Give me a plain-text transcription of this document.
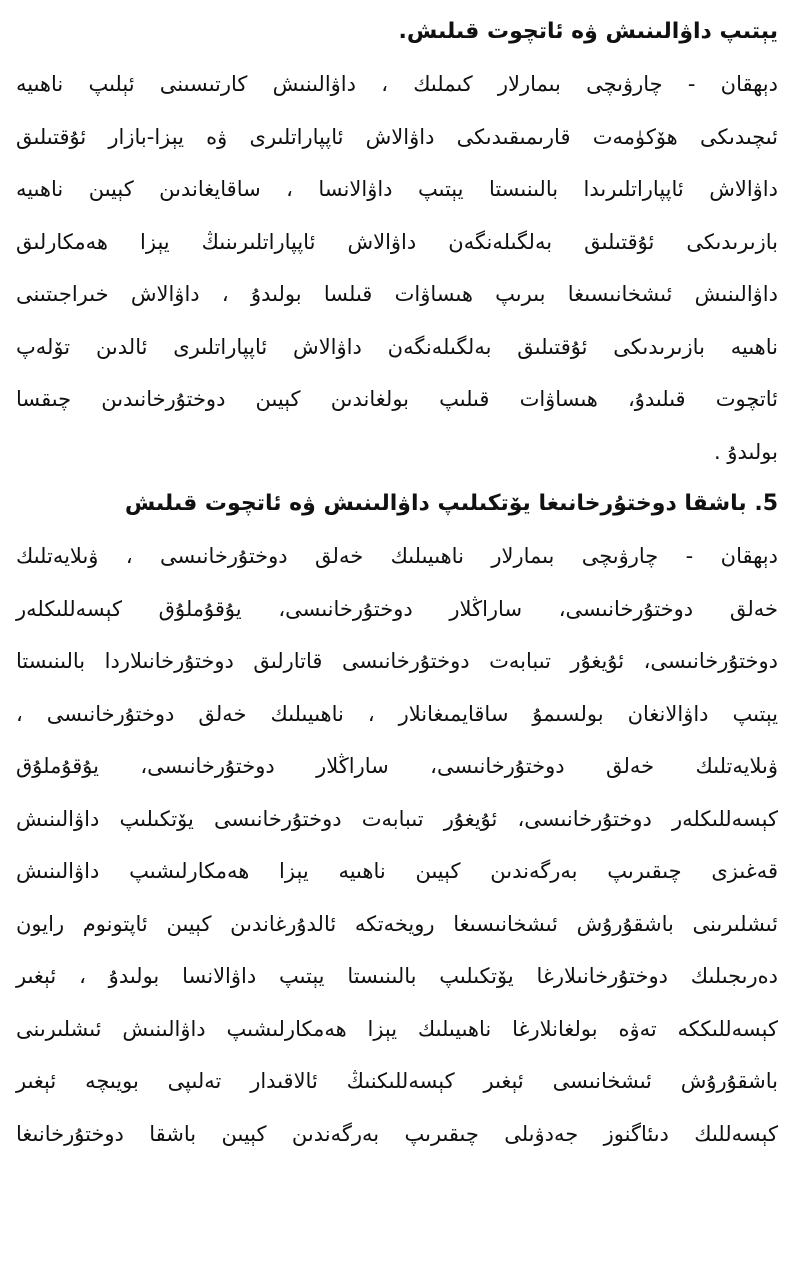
يېتىپ داۋالىنىش ۋە ئاتچوت قىلىش.

دېھقان - چارۋىچى بىمارلار كىملىك ، داۋالىنىش كارتىسىنى ئېلىپ ناھىيە

ئىچىدىكى ھۆكۈمەت قارىمىقىدىكى داۋالاش ئاپپاراتلىرى ۋە يېزا-بازار ئۇقتىلىق

داۋالاش ئاپپاراتلىرىدا بالىنىستا يېتىپ داۋالانسا ، ساقايغاندىن كېيىن ناھىيە

بازىرىدىكى ئۇقتىلىق بەلگىلەنگەن داۋالاش ئاپپاراتلىرىنىڭ يېزا ھەمكارلىق

داۋالىنىش ئىشخانىسىغا بىرىپ ھىساۋات قىلسا بولىدۇ ، داۋالاش خىراجىتىنى

ناھىيە بازىرىدىكى ئۇقتىلىق بەلگىلەنگەن داۋالاش ئاپپاراتلىرى ئالدىن تۆلەپ

ئاتچوت قىلىدۇ، ھىساۋات قىلىپ بولغاندىن كېيىن دوختۇرخانىدىن چىقسا

بولىدۇ .

5. باشقا دوختۇرخانىغا يۆتكىلىپ داۋالىنىش ۋە ئاتچوت قىلىش

دېھقان - چارۋىچى بىمارلار ناھىيىلىك خەلق دوختۇرخانىسى ، ۋىلايەتلىك

خەلق دوختۇرخانىسى، ساراڭلار دوختۇرخانىسى، يۇقۇملۇق كېسەللىكلەر

دوختۇرخانىسى، ئۇيغۇر تىبابەت دوختۇرخانىسى قاتارلىق دوختۇرخانىلاردا بالىنىستا

يېتىپ داۋالانغان بولسىمۇ ساقايمىغانلار ، ناھىيىلىك خەلق دوختۇرخانىسى ،

ۋىلايەتلىك خەلق دوختۇرخانىسى، ساراڭلار دوختۇرخانىسى، يۇقۇملۇق

كېسەللىكلەر دوختۇرخانىسى، ئۇيغۇر تىبابەت دوختۇرخانىسى يۆتكىلىپ داۋالىنىش

قەغىزى چىقىرىپ بەرگەندىن كېيىن ناھىيە يېزا ھەمكارلىشىپ داۋالىنىش

ئىشلىرىنى باشقۇرۇش ئىشخانىسىغا رويخەتكە ئالدۇرغاندىن كېيىن ئاپتونوم رايون

دەرىجىلىك دوختۇرخانىلارغا يۆتكىلىپ بالىنىستا يېتىپ داۋالانسا بولىدۇ ، ئېغىر

كېسەللىككە تەۋە بولغانلارغا ناھىيىلىك يېزا ھەمكارلىشىپ داۋالىنىش ئىشلىرىنى

باشقۇرۇش ئىشخانىسى ئېغىر كېسەللىكنىڭ ئالاقىدار تەلىپى بويىچە ئېغىر

كېسەللىك دىئاگنوز جەدۋىلى چىقىرىپ بەرگەندىن كېيىن باشقا دوختۇرخانىغا
